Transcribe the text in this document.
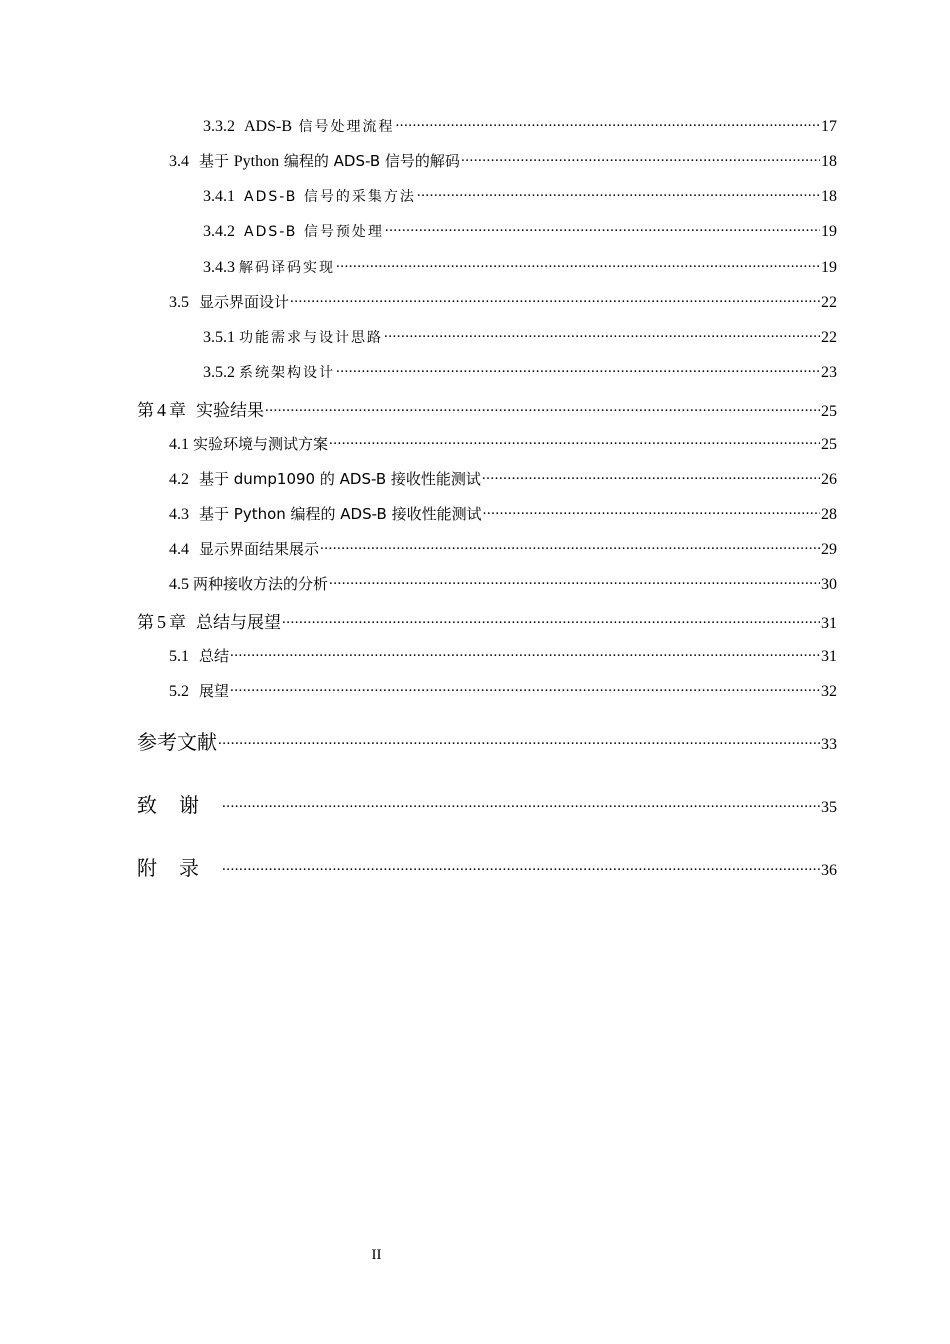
3.3.2 ADS-B 信号处理流程 .....	17
3.4 基于 Python 编程的 ADS-B 信号的解码 .....	18
3.4.1 ADS-B 信号的采集方法 .....	18
3.4.2 ADS-B 信号预处理 .....	19
3.4.3 解码译码实现 .....	19
3.5 显示界面设计 .....	22
3.5.1 功能需求与设计思路 .....	22
3.5.2 系统架构设计 .....	23
第 4 章 实验结果 .....	25
4.1 实验环境与测试方案 .....	25
4.2 基于 dump1090 的 ADS-B 接收性能测试 .....	26
4.3 基于 Python 编程的 ADS-B 接收性能测试 .....	28
4.4 显示界面结果展示 .....	29
4.5 两种接收方法的分析 .....	30
第 5 章 总结与展望 .....	31
5.1 总结 .....	31
5.2 展望 .....	32
参考文献 .....	33
致谢 .....	35
附录 .....	36
II
